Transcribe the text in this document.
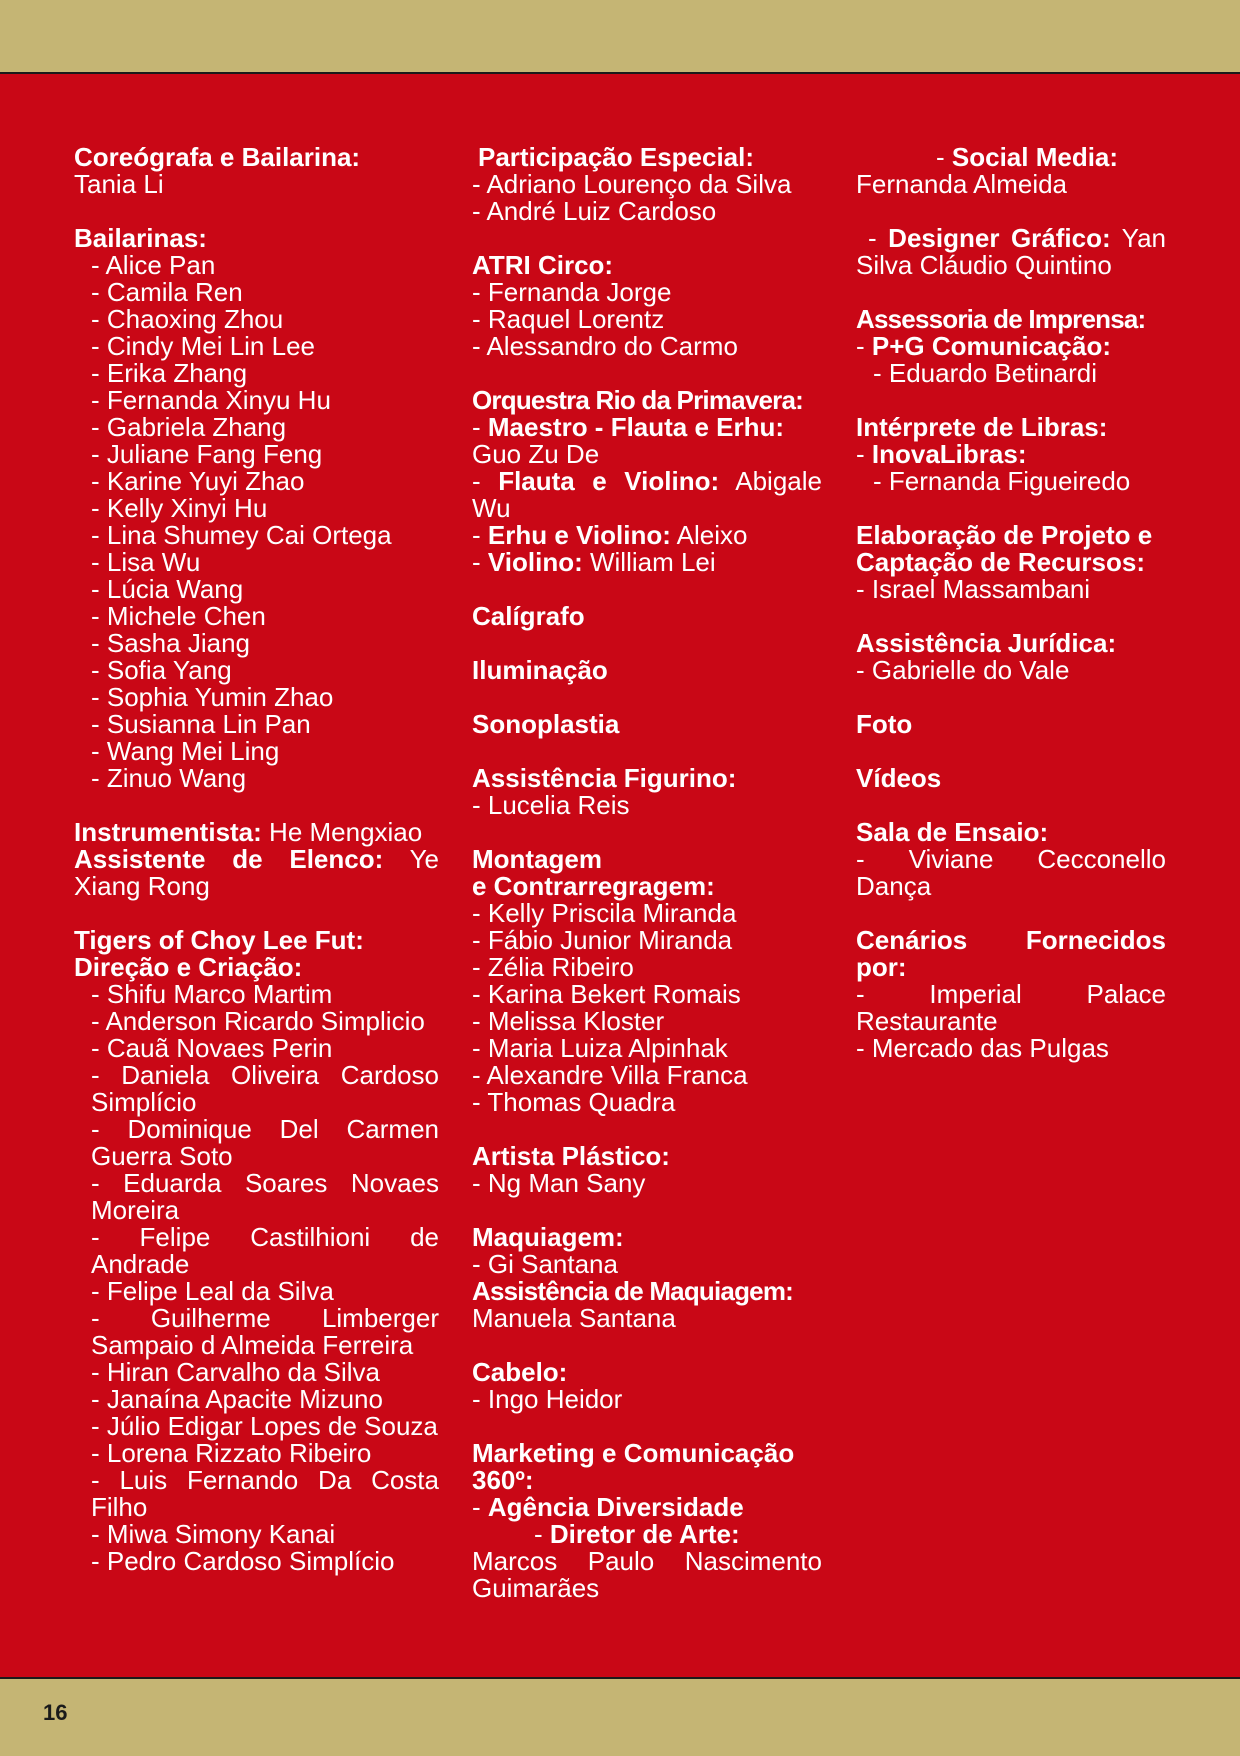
16
Coreógrafa e Bailarina:
Tania Li
Bailarinas:
- Alice Pan
- Camila Ren
- Chaoxing Zhou
- Cindy Mei Lin Lee
- Erika Zhang
- Fernanda Xinyu Hu
- Gabriela Zhang
- Juliane Fang Feng
- Karine Yuyi Zhao
- Kelly Xinyi Hu
- Lina Shumey Cai Ortega
- Lisa Wu
- Lúcia Wang
- Michele Chen
- Sasha Jiang
- Sofia Yang
- Sophia Yumin Zhao
- Susianna Lin Pan
- Wang Mei Ling
- Zinuo Wang
Instrumentista: He Mengxiao
Assistente de Elenco: Ye Xiang Rong
Tigers of Choy Lee Fut:
Direção e Criação:
- Shifu Marco Martim
- Anderson Ricardo Simplicio
- Cauã Novaes Perin
- Daniela Oliveira Cardoso Simplício
- Dominique Del Carmen Guerra Soto
- Eduarda Soares Novaes Moreira
- Felipe Castilhioni de Andrade
- Felipe Leal da Silva
- Guilherme Limberger Sampaio d Almeida Ferreira
- Hiran Carvalho da Silva
- Janaína Apacite Mizuno
- Júlio Edigar Lopes de Souza
- Lorena Rizzato Ribeiro
- Luis Fernando Da Costa Filho
- Miwa Simony Kanai
- Pedro Cardoso Simplício
Participação Especial:
- Adriano Lourenço da Silva
- André Luiz Cardoso
ATRI Circo:
- Fernanda Jorge
- Raquel Lorentz
- Alessandro do Carmo
Orquestra Rio da Primavera:
- Maestro - Flauta e Erhu:
Guo Zu De
- Flauta e Violino: Abigale Wu
- Erhu e Violino: Aleixo
- Violino: William Lei
Calígrafo
Iluminação
Sonoplastia
Assistência Figurino:
- Lucelia Reis
Montagem
e Contrarregragem:
- Kelly Priscila Miranda
- Fábio Junior Miranda
- Zélia Ribeiro
- Karina Bekert Romais
- Melissa Kloster
- Maria Luiza Alpinhak
- Alexandre Villa Franca
- Thomas Quadra
Artista Plástico:
- Ng Man Sany
Maquiagem:
- Gi Santana
Assistência de Maquiagem:
Manuela Santana
Cabelo:
- Ingo Heidor
Marketing e Comunicação
360º:
- Agência Diversidade
- Diretor de Arte:
Marcos Paulo Nascimento Guimarães
- Social Media:
Fernanda Almeida
- Designer Gráfico: Yan Silva Cláudio Quintino
Assessoria de Imprensa:
- P+G Comunicação:
- Eduardo Betinardi
Intérprete de Libras:
- InovaLibras:
- Fernanda Figueiredo
Elaboração de Projeto e
Captação de Recursos:
- Israel Massambani
Assistência Jurídica:
- Gabrielle do Vale
Foto
Vídeos
Sala de Ensaio:
- Viviane Cecconello Dança
Cenários Fornecidos por:
- Imperial Palace Restaurante
- Mercado das Pulgas
